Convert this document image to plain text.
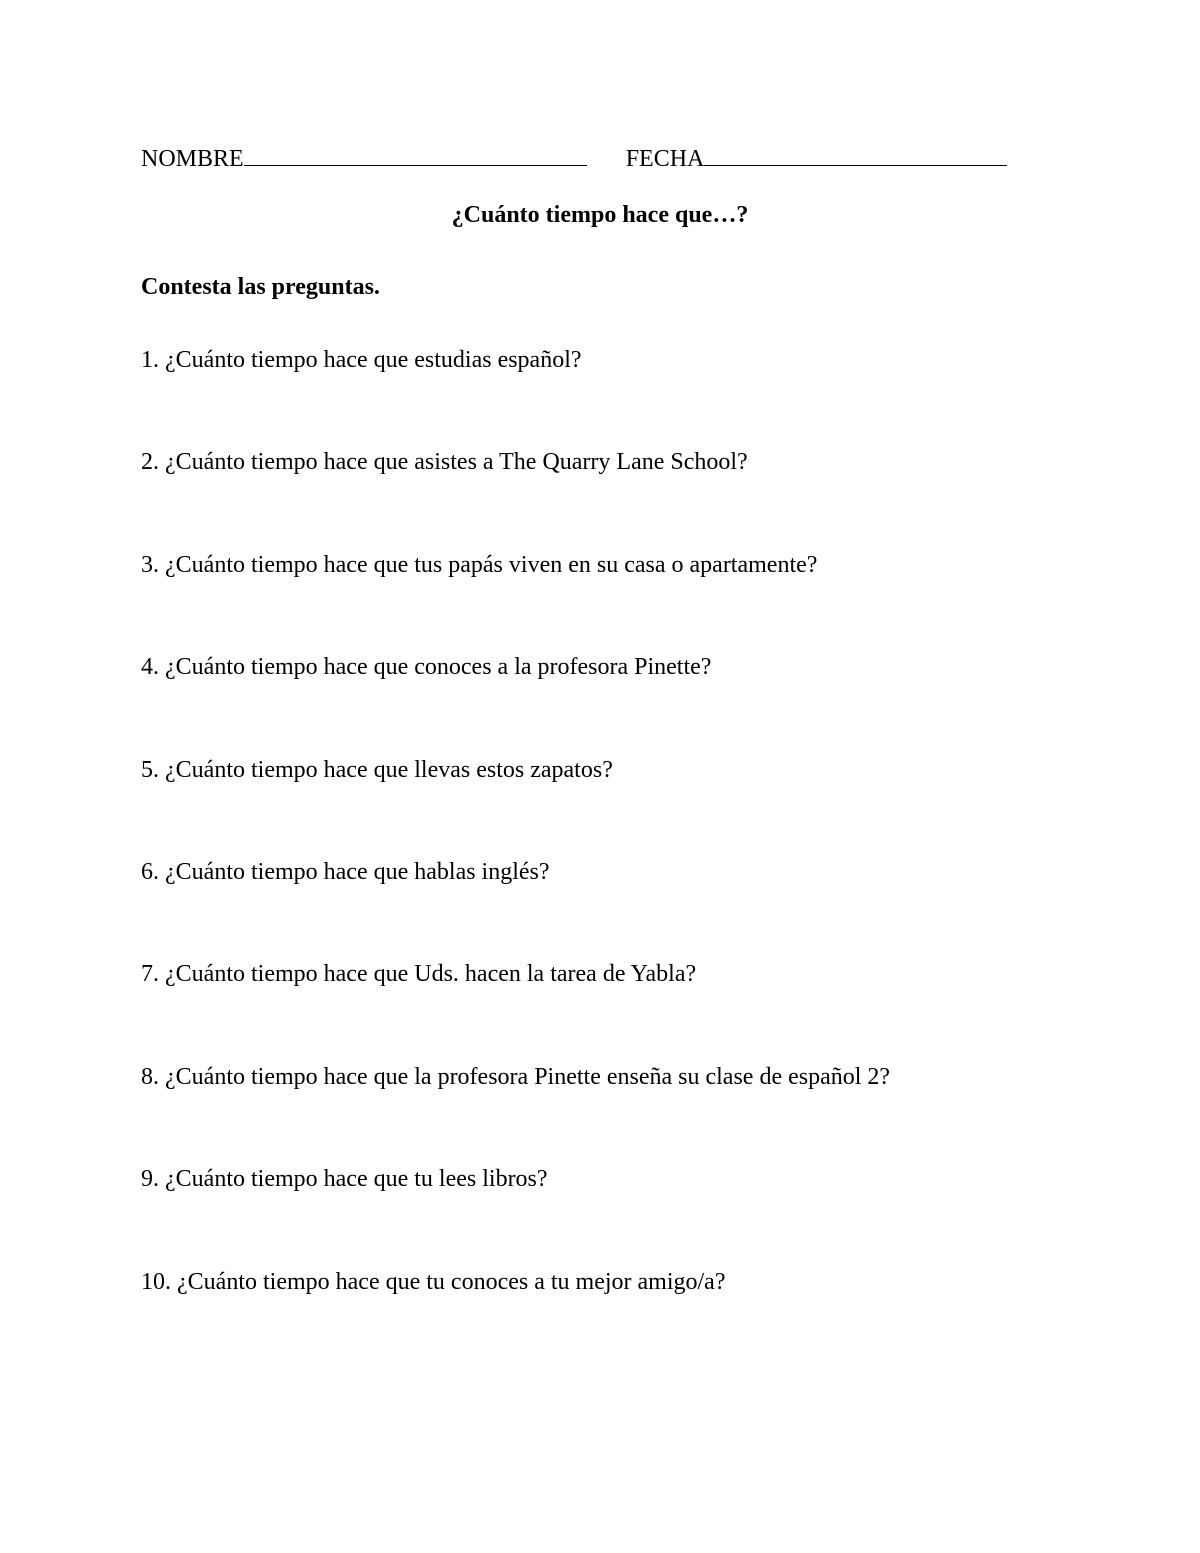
NOMBRE	FECHA
¿Cuánto tiempo hace que…?
Contesta las preguntas.
1. ¿Cuánto tiempo hace que estudias español?
2. ¿Cuánto tiempo hace que asistes a The Quarry Lane School?
3. ¿Cuánto tiempo hace que tus papás viven en su casa o apartamente?
4. ¿Cuánto tiempo hace que conoces a la profesora Pinette?
5. ¿Cuánto tiempo hace que llevas estos zapatos?
6. ¿Cuánto tiempo hace que hablas inglés?
7. ¿Cuánto tiempo hace que Uds. hacen la tarea de Yabla?
8. ¿Cuánto tiempo hace que la profesora Pinette enseña su clase de español 2?
9. ¿Cuánto tiempo hace que tu lees libros?
10. ¿Cuánto tiempo hace que tu conoces a tu mejor amigo/a?
